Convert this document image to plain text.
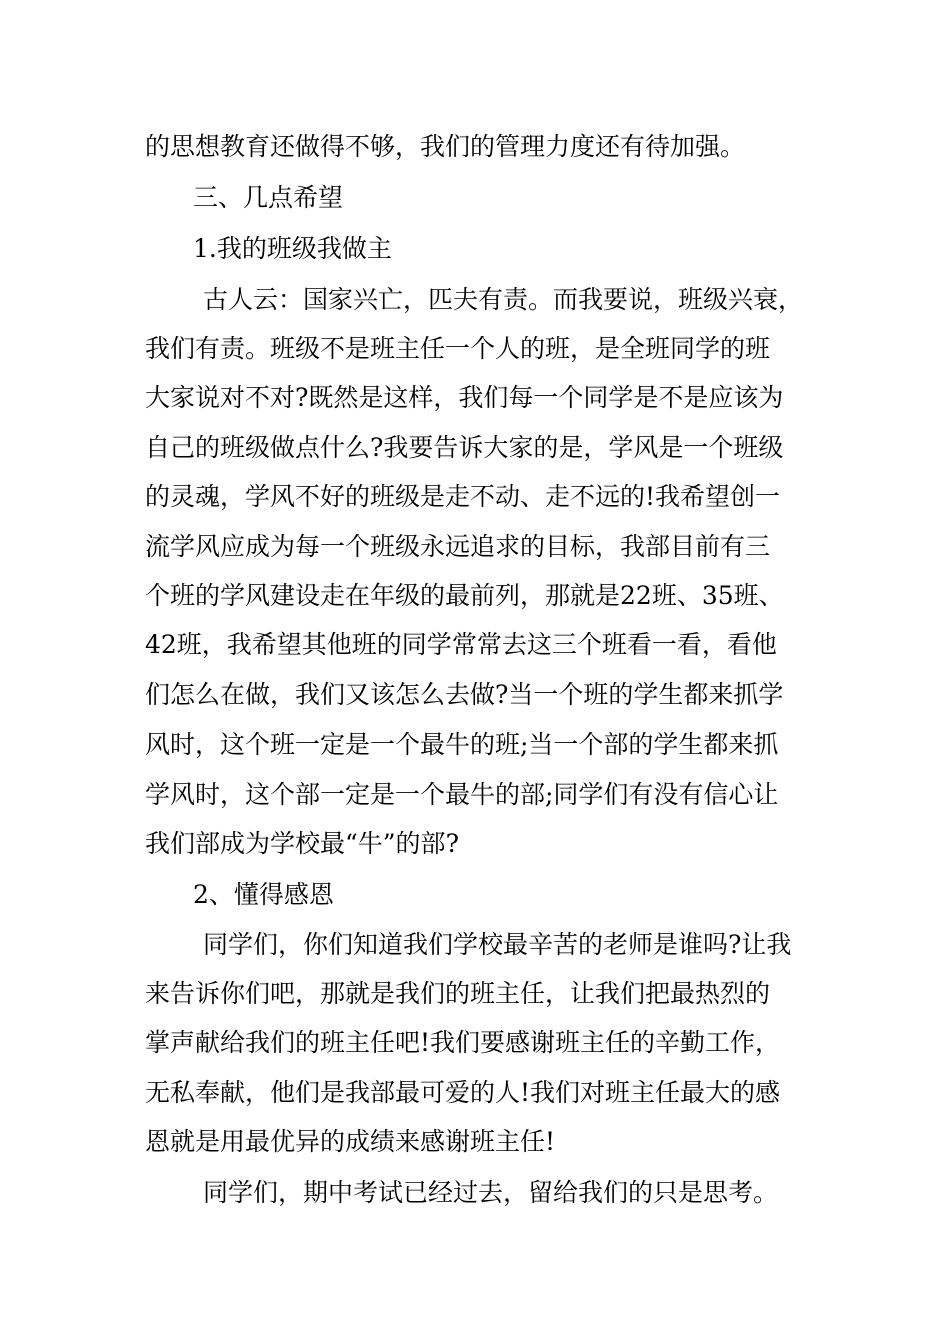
的思想教育还做得不够，我们的管理力度还有待加强。
三、几点希望
1.我的班级我做主
古人云：国家兴亡，匹夫有责。而我要说，班级兴衰，
我们有责。班级不是班主任一个人的班，是全班同学的班
大家说对不对?既然是这样，我们每一个同学是不是应该为
自己的班级做点什么?我要告诉大家的是，学风是一个班级
的灵魂，学风不好的班级是走不动、走不远的!我希望创一
流学风应成为每一个班级永远追求的目标，我部目前有三
个班的学风建设走在年级的最前列，那就是22班、35班、
42班，我希望其他班的同学常常去这三个班看一看，看他
们怎么在做，我们又该怎么去做?当一个班的学生都来抓学
风时，这个班一定是一个最牛的班;当一个部的学生都来抓
学风时，这个部一定是一个最牛的部;同学们有没有信心让
我们部成为学校最“牛”的部?
2、懂得感恩
同学们，你们知道我们学校最辛苦的老师是谁吗?让我
来告诉你们吧，那就是我们的班主任，让我们把最热烈的
掌声献给我们的班主任吧!我们要感谢班主任的辛勤工作，
无私奉献，他们是我部最可爱的人!我们对班主任最大的感
恩就是用最优异的成绩来感谢班主任!
同学们，期中考试已经过去，留给我们的只是思考。
